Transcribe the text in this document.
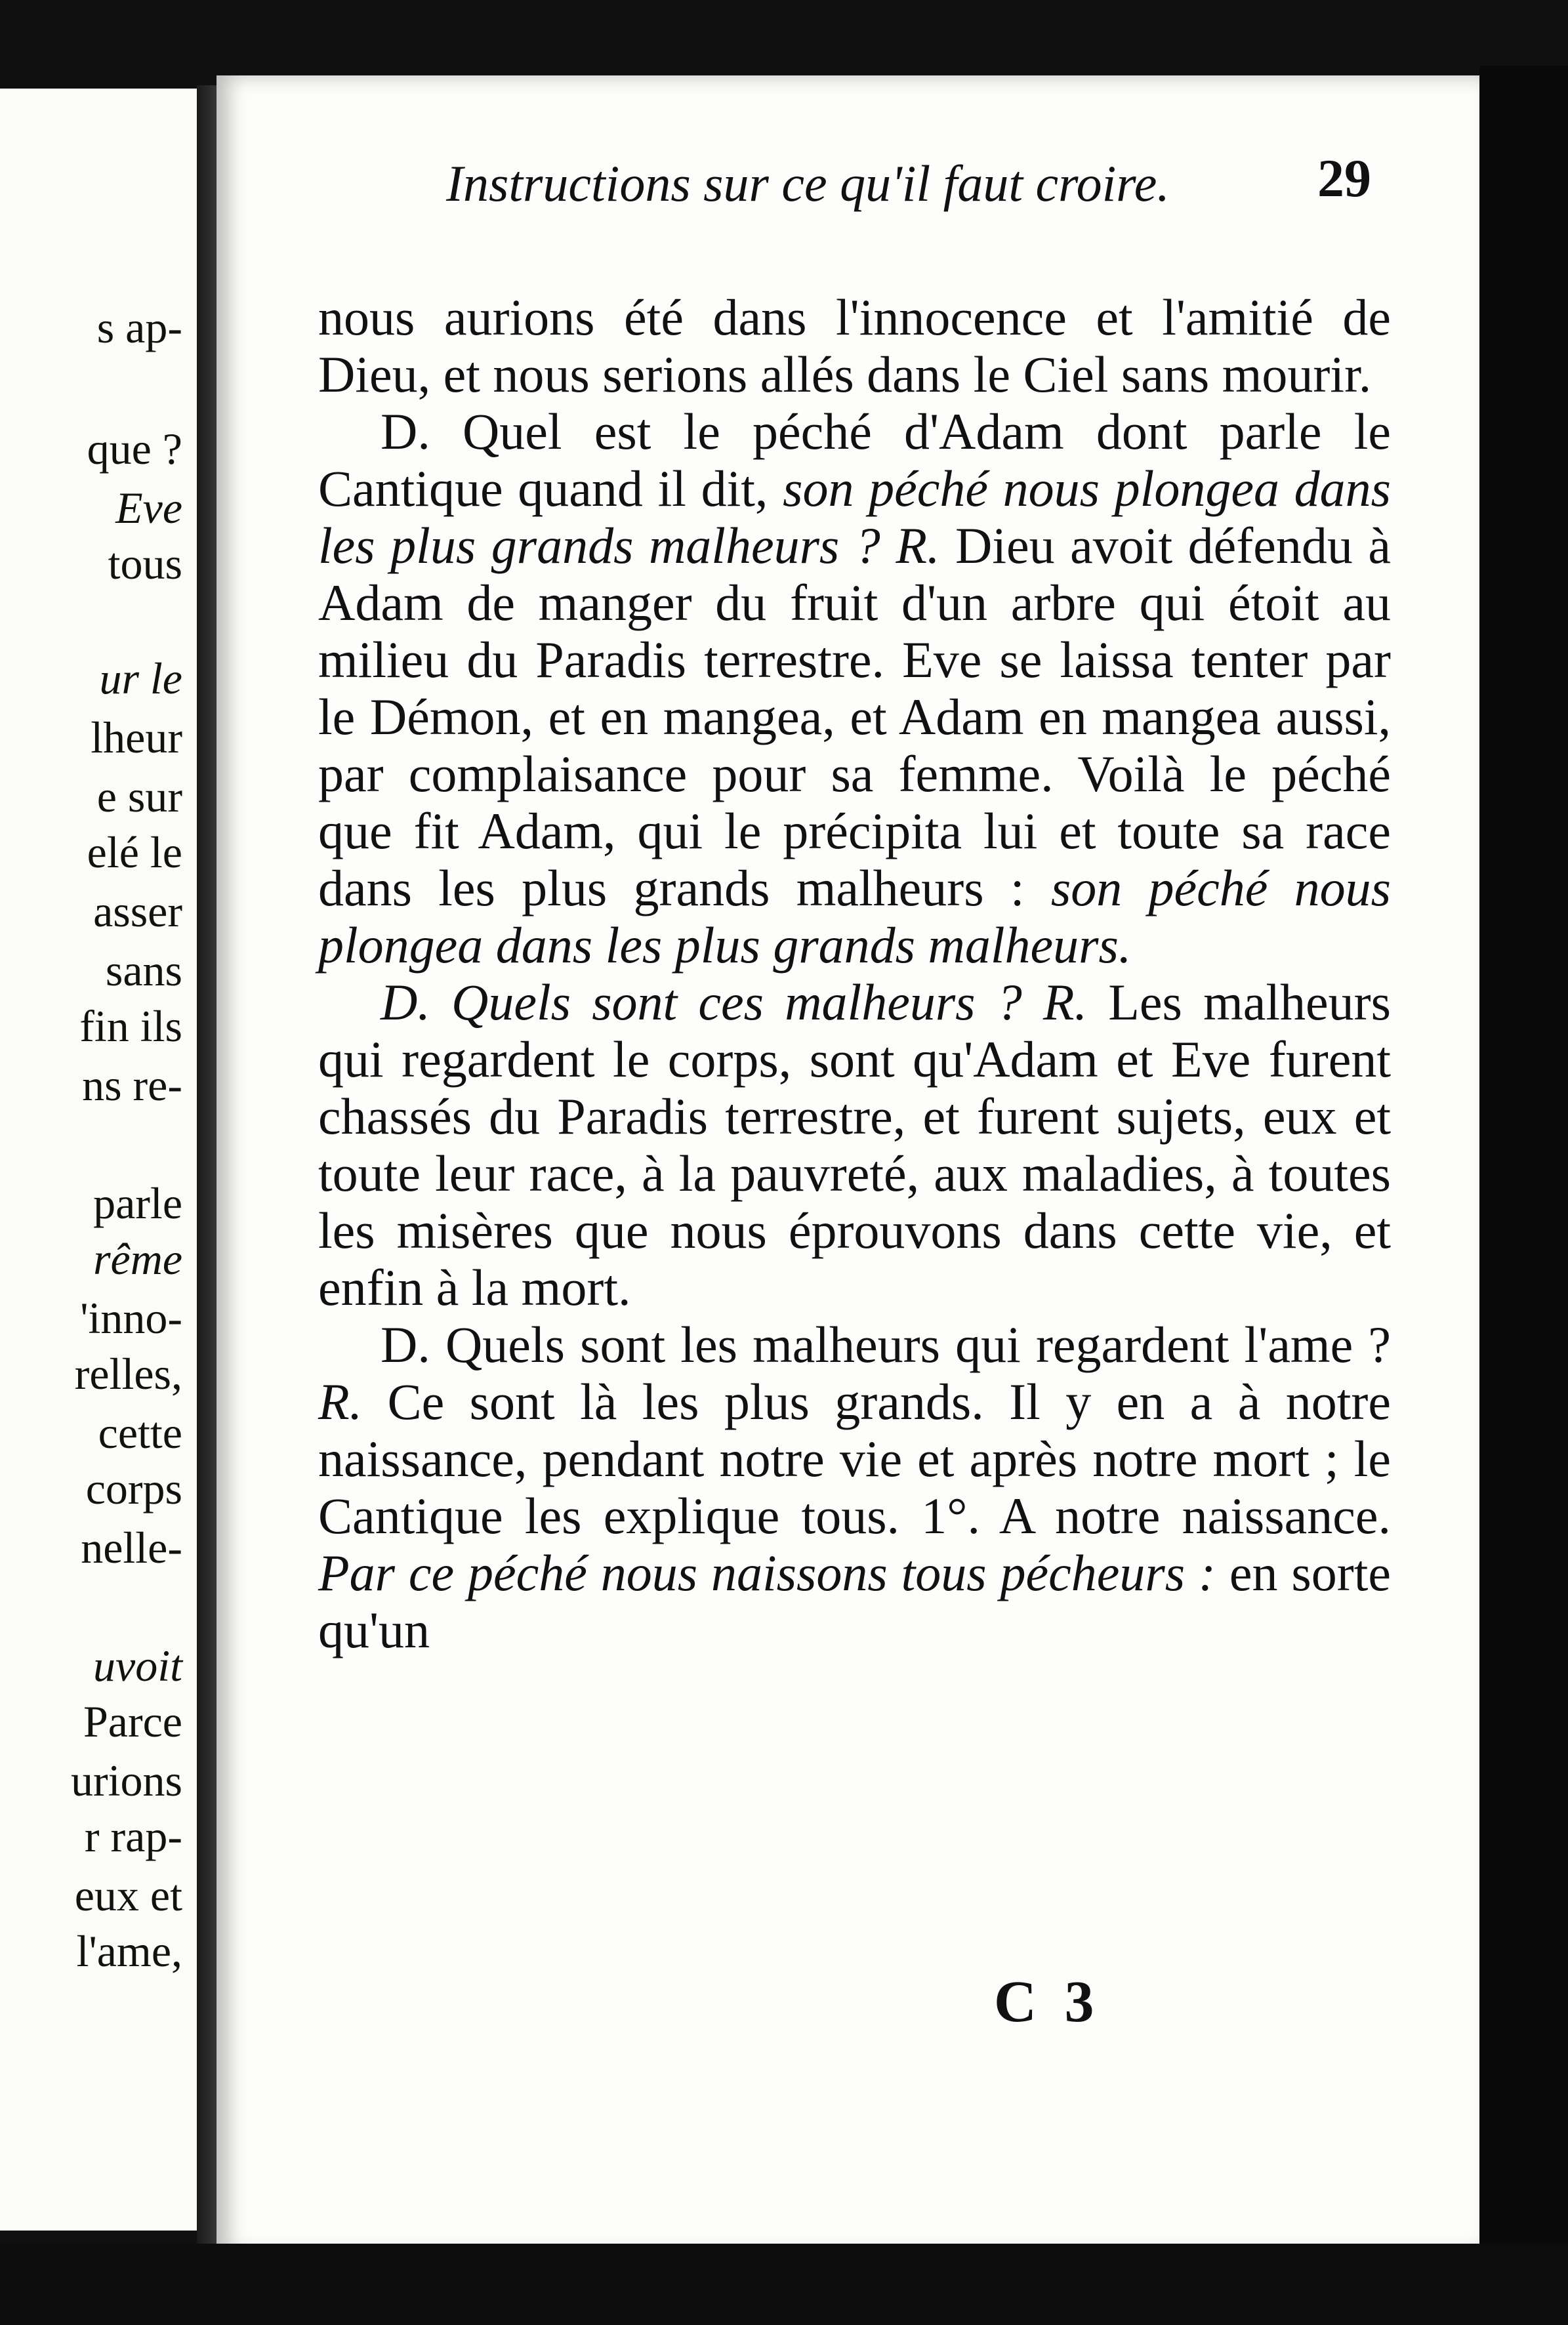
s ap-
que ?
Eve
tous
ur le
lheur
e sur
elé le
asser
sans
fin ils
ns re-
parle
rême
'inno-
relles,
cette
corps
nelle-
uvoit
Parce
urions
r rap-
eux et
l'ame,
Instructions sur ce qu'il faut croire.	29

nous aurions été dans l'innocence et l'amitié de Dieu, et nous serions allés dans le Ciel sans mourir.

D. Quel est le péché d'Adam dont parle le Cantique quand il dit, son péché nous plongea dans les plus grands malheurs ? R. Dieu avoit défendu à Adam de manger du fruit d'un arbre qui étoit au milieu du Paradis terrestre. Eve se laissa tenter par le Démon, et en mangea, et Adam en mangea aussi, par complaisance pour sa femme. Voilà le péché que fit Adam, qui le précipita lui et toute sa race dans les plus grands malheurs : son péché nous plongea dans les plus grands malheurs.

D. Quels sont ces malheurs ? R. Les malheurs qui regardent le corps, sont qu'Adam et Eve furent chassés du Paradis terrestre, et furent sujets, eux et toute leur race, à la pauvreté, aux maladies, à toutes les misères que nous éprouvons dans cette vie, et enfin à la mort.

D. Quels sont les malheurs qui regardent l'ame ? R. Ce sont là les plus grands. Il y en a à notre naissance, pendant notre vie et après notre mort ; le Cantique les explique tous. 1°. A notre naissance. Par ce péché nous naissons tous pécheurs : en sorte qu'un

C 3
